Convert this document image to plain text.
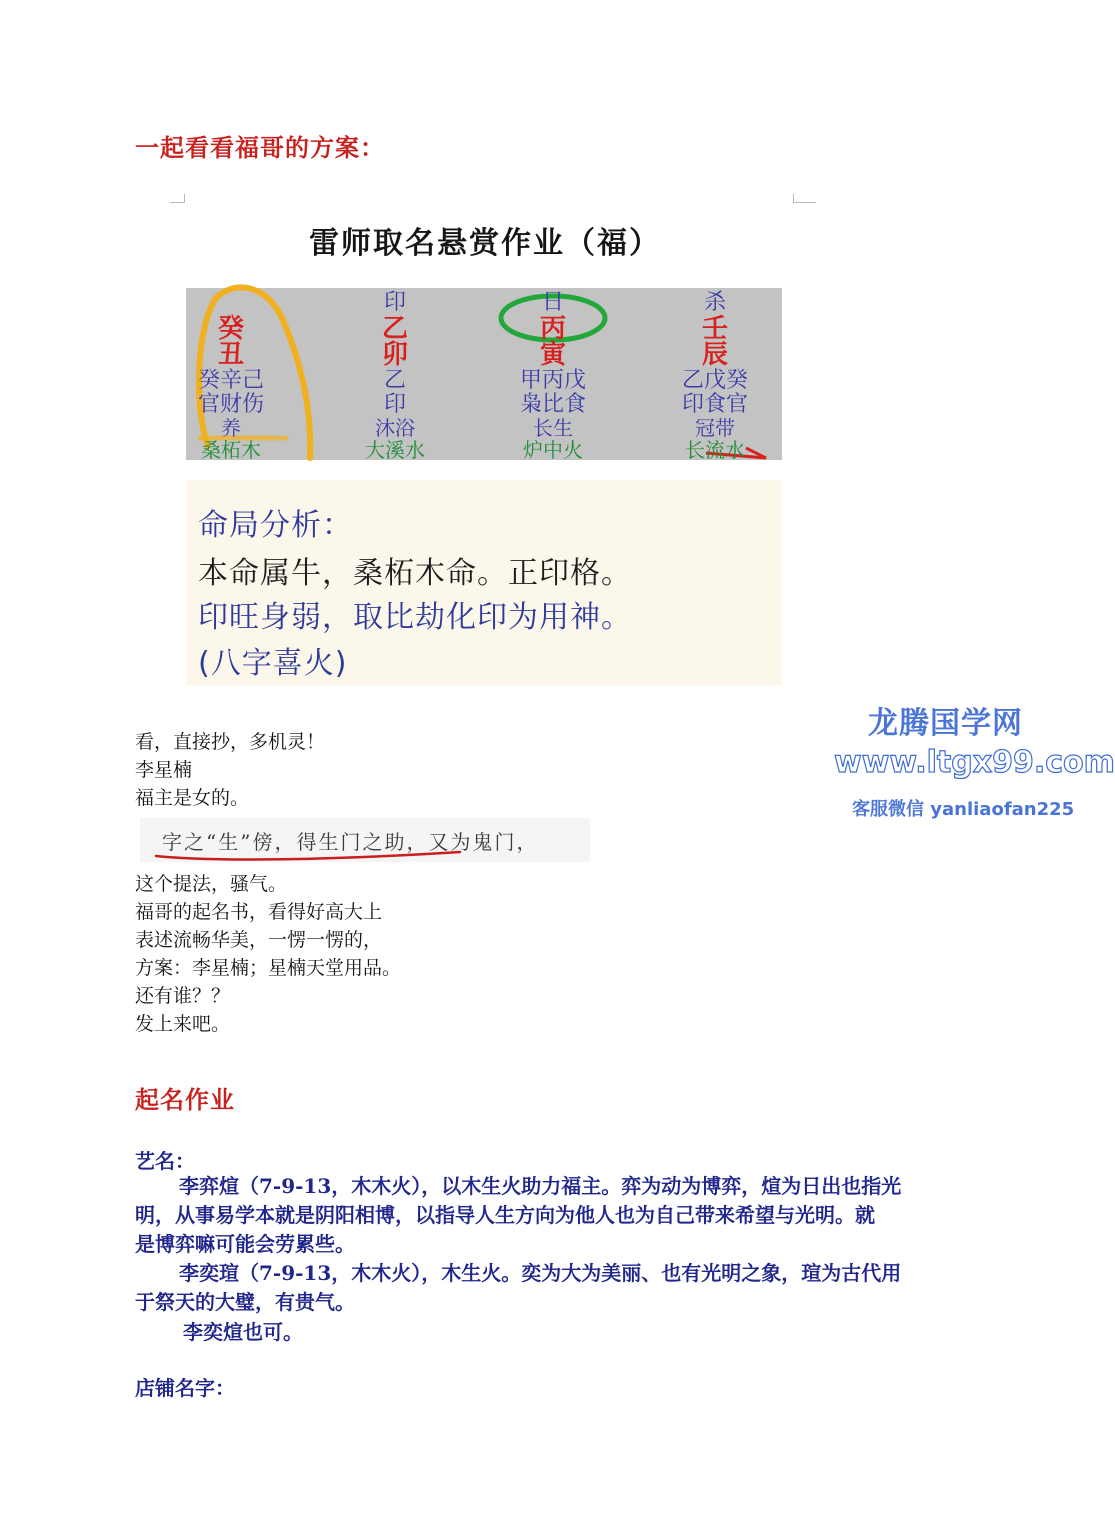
一起看看福哥的方案：
雷师取名悬赏作业（福）
癸
丑
癸辛己
官财伤
养
桑柘木
印
乙
卯
乙
印
沐浴
大溪水
日
丙
寅
甲丙戊
枭比食
长生
炉中火
杀
壬
辰
乙戊癸
印食官
冠带
长流水
命局分析：
本命属牛，桑柘木命。正印格。
印旺身弱，取比劫化印为用神。
(八字喜火)
看，直接抄，多机灵！
李星楠
福主是女的。
字之“生”傍，得生门之助，又为鬼门，
这个提法，骚气。
福哥的起名书，看得好高大上
表述流畅华美，一愣一愣的，
方案：李星楠；星楠天堂用品。
还有谁？？
发上来吧。
起名作业
艺名：
李弈煊（7-9-13，木木火），以木生火助力福主。弈为动为博弈，煊为日出也指光
明，从事易学本就是阴阳相博，以指导人生方向为他人也为自己带来希望与光明。就
是博弈嘛可能会劳累些。
李奕瑄（7-9-13，木木火），木生火。奕为大为美丽、也有光明之象，瑄为古代用
于祭天的大璧，有贵气。
李奕煊也可。
店铺名字：
龙腾国学网
www.ltgx99.com
客服微信 yanliaofan225
